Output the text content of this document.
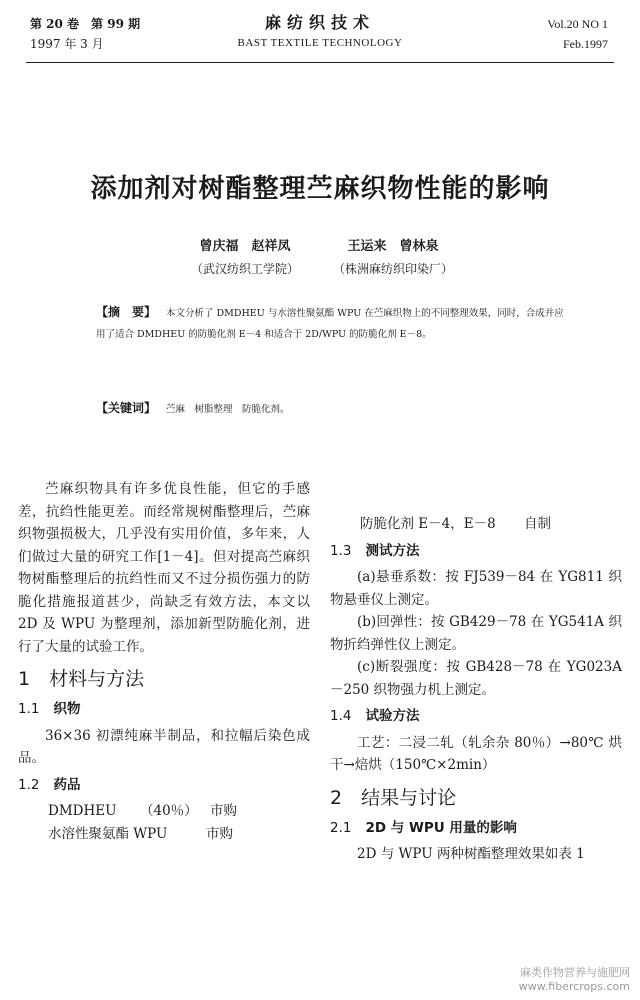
第 20 卷　第 99 期
1997 年 3 月
麻纺织技术
BAST TEXTILE TECHNOLOGY
Vol.20 NO 1
Feb.1997
添加剂对树酯整理苎麻织物性能的影响
曾庆福　赵祥凤
（武汉纺织工学院）
王运来　曾林泉
（株洲麻纺织印染厂）
【摘　要】 本文分析了 DMDHEU 与水溶性聚氨酯 WPU 在苎麻织物上的不同整理效果，同时，合成并应用了适合 DMDHEU 的防脆化剂 E－4 和适合于 2D/WPU 的防脆化剂 E－8。
【关键词】 苎麻　树脂整理　防脆化剂。

苎麻织物具有许多优良性能，但它的手感差，抗绉性能更差。而经常规树酯整理后，苎麻织物强损极大，几乎没有实用价值，多年来，人们做过大量的研究工作[1－4]。但对提高苎麻织物树酯整理后的抗绉性而又不过分损伤强力的防脆化措施报道甚少，尚缺乏有效方法，本文以 2D 及 WPU 为整理剂，添加新型防脆化剂，进行了大量的试验工作。

1　 材料与方法
1.1 织物

36×36 初漂纯麻半制品，和拉幅后染色成品。

1.2 药品
DMDHEU	（40％） 市购
水溶性聚氨酯 WPU	市购
防脆化剂 E－4，E－8	自制
1.3 测试方法

(a)悬垂系数：按 FJ539－84 在 YG811 织物悬垂仪上测定。

(b)回弹性：按 GB429－78 在 YG541A 织物折绉弹性仪上测定。

(c)断裂强度：按 GB428－78 在 YG023A－250 织物强力机上测定。

1.4 试验方法

工艺：二浸二轧（轧余杂 80％）→80℃ 烘干→焙烘（150℃×2min）

2　 结果与讨论
2.1 2D 与 WPU 用量的影响

2D 与 WPU 两种树酯整理效果如表 1

麻类作物营养与施肥网
www.fibercrops.com
